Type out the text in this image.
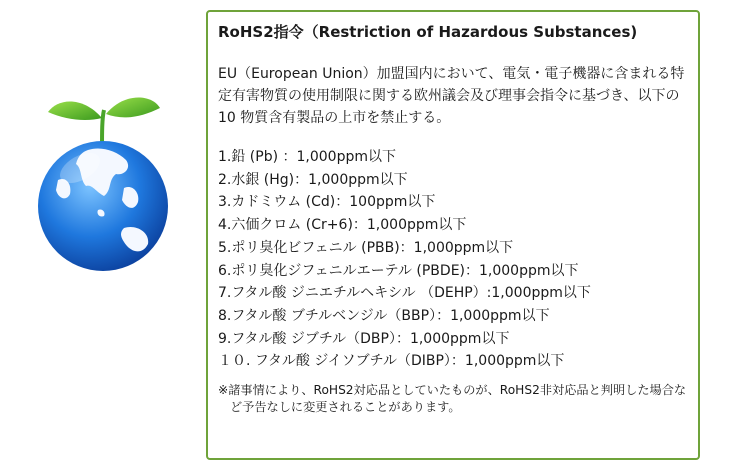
RoHS2指令（Restriction of Hazardous Substances)
EU（European Union）加盟国内において、電気・電子機器に含まれる特定有害物質の使用制限に関する欧州議会及び理事会指令に基づき、以下の10 物質含有製品の上市を禁止する。
1.鉛 (Pb) ：1,000ppm以下
2.水銀 (Hg)：1,000ppm以下
3.カドミウム (Cd)：100ppm以下
4.六価クロム (Cr+6)：1,000ppm以下
5.ポリ臭化ビフェニル (PBB)：1,000ppm以下
6.ポリ臭化ジフェニルエーテル (PBDE)：1,000ppm以下
7.フタル酸 ジニエチルヘキシル （DEHP）:1,000ppm以下
8.フタル酸 ブチルベンジル（BBP）：1,000ppm以下
9.フタル酸 ジブチル（DBP）：1,000ppm以下
１０. フタル酸 ジイソブチル（DIBP）：1,000ppm以下
※諸事情により、RoHS2対応品としていたものが、RoHS2非対応品と判明した場合など予告なしに変更されることがあります。
